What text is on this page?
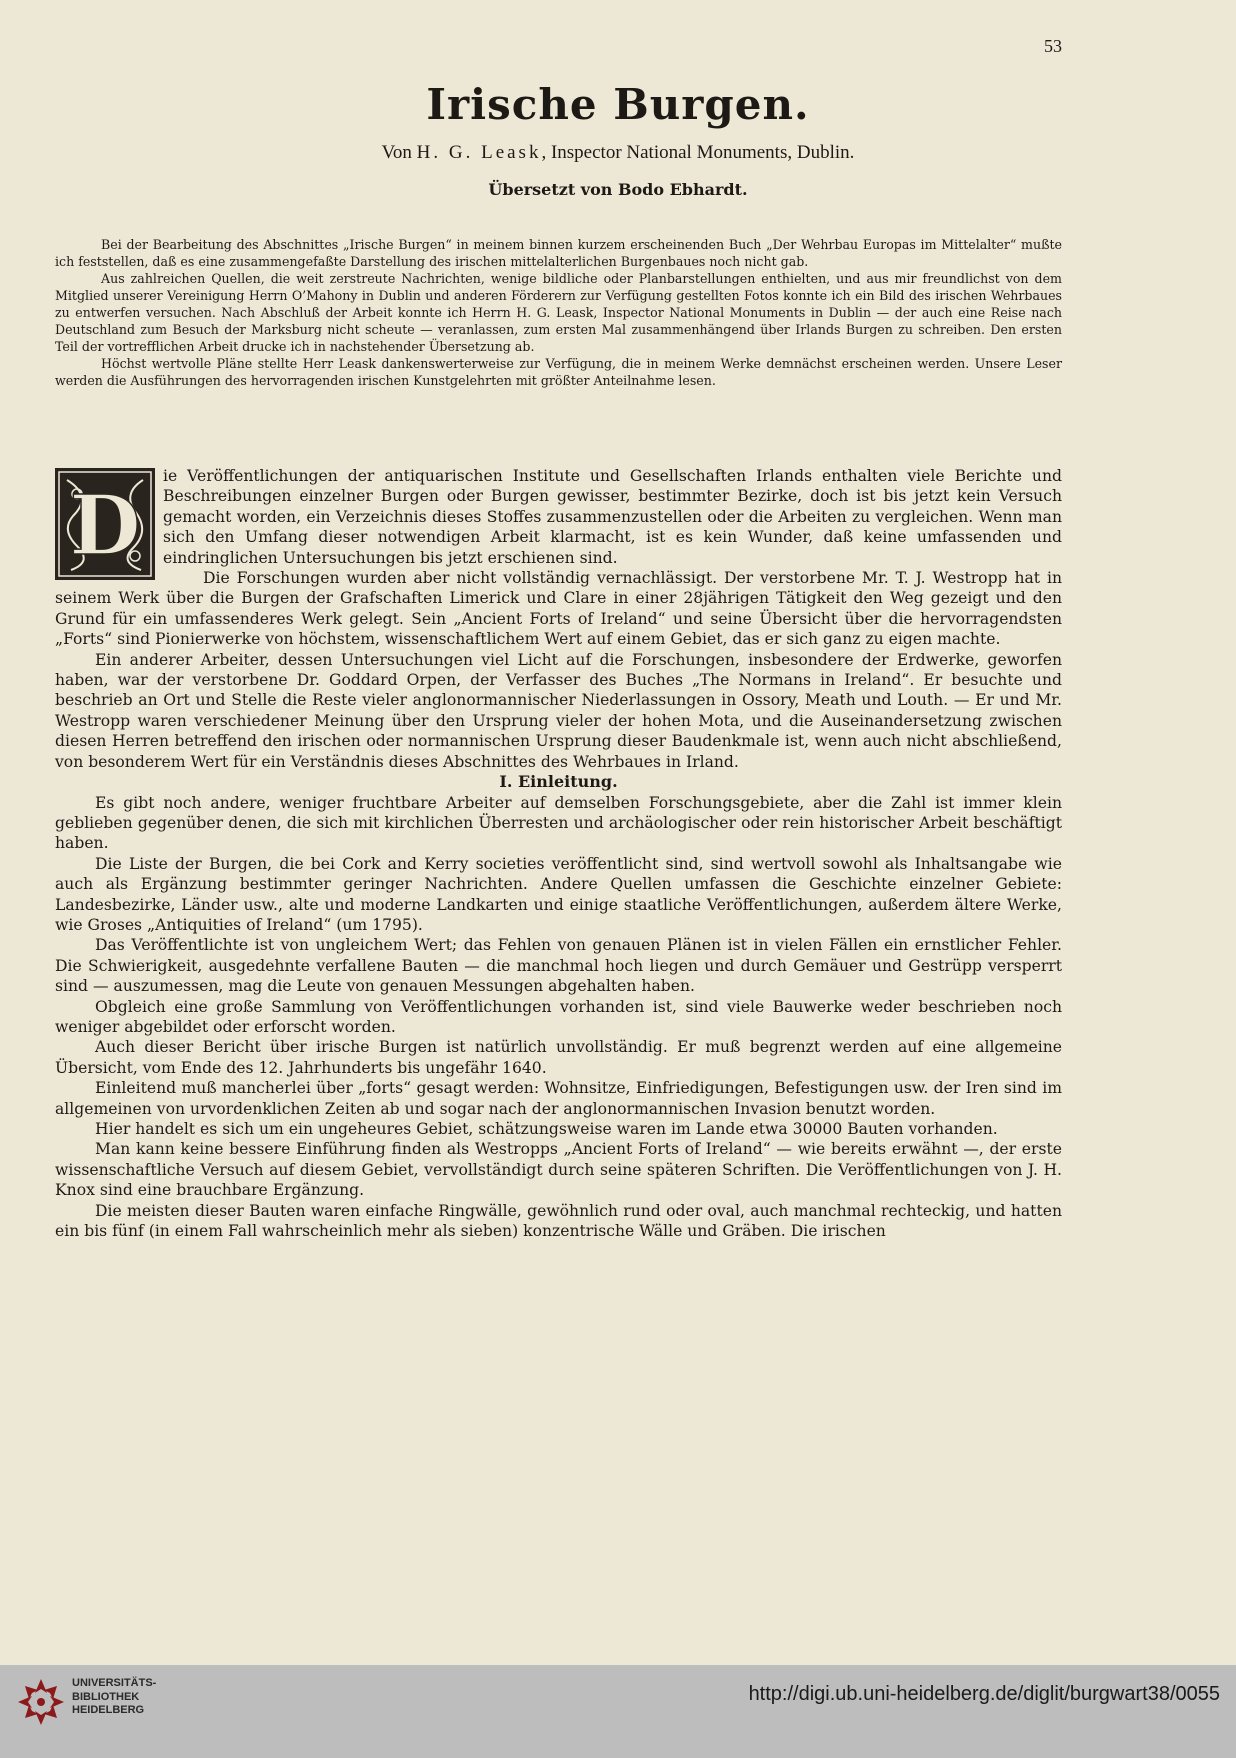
53
Irische Burgen.
Von H. G. Leask, Inspector National Monuments, Dublin.
Übersetzt von Bodo Ebhardt.

Bei der Bearbeitung des Abschnittes „Irische Burgen“ in meinem binnen kurzem erscheinenden Buch „Der Wehrbau Europas im Mittelalter“ mußte ich feststellen, daß es eine zusammengefaßte Darstellung des irischen mittelalterlichen Burgenbaues noch nicht gab.

Aus zahlreichen Quellen, die weit zerstreute Nachrichten, wenige bildliche oder Planbarstellungen enthielten, und aus mir freundlichst von dem Mitglied unserer Vereinigung Herrn O’Mahony in Dublin und anderen Förderern zur Verfügung gestellten Fotos konnte ich ein Bild des irischen Wehrbaues zu entwerfen versuchen. Nach Abschluß der Arbeit konnte ich Herrn H. G. Leask, Inspector National Monuments in Dublin — der auch eine Reise nach Deutschland zum Besuch der Marksburg nicht scheute — veranlassen, zum ersten Mal zusammenhängend über Irlands Burgen zu schreiben. Den ersten Teil der vortrefflichen Arbeit drucke ich in nachstehender Übersetzung ab.

Höchst wertvolle Pläne stellte Herr Leask dankenswerterweise zur Verfügung, die in meinem Werke demnächst erscheinen werden. Unsere Leser werden die Ausführungen des hervorragenden irischen Kunstgelehrten mit größter Anteilnahme lesen.

D

ie Veröffentlichungen der antiquarischen Institute und Gesellschaften Irlands enthalten viele Berichte und Beschreibungen einzelner Burgen oder Burgen gewisser, bestimmter Bezirke, doch ist bis jetzt kein Versuch gemacht worden, ein Verzeichnis dieses Stoffes zusammenzustellen oder die Arbeiten zu vergleichen. Wenn man sich den Umfang dieser notwendigen Arbeit klarmacht, ist es kein Wunder, daß keine umfassenden und eindringlichen Untersuchungen bis jetzt erschienen sind.

Die Forschungen wurden aber nicht vollständig vernachlässigt. Der verstorbene Mr. T. J. Westropp hat in seinem Werk über die Burgen der Grafschaften Limerick und Clare in einer 28jährigen Tätigkeit den Weg gezeigt und den Grund für ein umfassenderes Werk gelegt. Sein „Ancient Forts of Ireland“ und seine Übersicht über die hervorragendsten „Forts“ sind Pionierwerke von höchstem, wissenschaftlichem Wert auf einem Gebiet, das er sich ganz zu eigen machte.

Ein anderer Arbeiter, dessen Untersuchungen viel Licht auf die Forschungen, insbesondere der Erdwerke, geworfen haben, war der verstorbene Dr. Goddard Orpen, der Verfasser des Buches „The Normans in Ireland“. Er besuchte und beschrieb an Ort und Stelle die Reste vieler anglonormannischer Niederlassungen in Ossory, Meath und Louth. — Er und Mr. Westropp waren verschiedener Meinung über den Ursprung vieler der hohen Mota, und die Auseinandersetzung zwischen diesen Herren betreffend den irischen oder normannischen Ursprung dieser Baudenkmale ist, wenn auch nicht abschließend, von besonderem Wert für ein Verständnis dieses Abschnittes des Wehrbaues in Irland.

I. Einleitung.

Es gibt noch andere, weniger fruchtbare Arbeiter auf demselben Forschungsgebiete, aber die Zahl ist immer klein geblieben gegenüber denen, die sich mit kirchlichen Überresten und archäologischer oder rein historischer Arbeit beschäftigt haben.

Die Liste der Burgen, die bei Cork and Kerry societies veröffentlicht sind, sind wertvoll sowohl als Inhaltsangabe wie auch als Ergänzung bestimmter geringer Nachrichten. Andere Quellen umfassen die Geschichte einzelner Gebiete: Landesbezirke, Länder usw., alte und moderne Landkarten und einige staatliche Veröffentlichungen, außerdem ältere Werke, wie Groses „Antiquities of Ireland“ (um 1795).

Das Veröffentlichte ist von ungleichem Wert; das Fehlen von genauen Plänen ist in vielen Fällen ein ernstlicher Fehler. Die Schwierigkeit, ausgedehnte verfallene Bauten — die manchmal hoch liegen und durch Gemäuer und Gestrüpp versperrt sind — auszumessen, mag die Leute von genauen Messungen abgehalten haben.

Obgleich eine große Sammlung von Veröffentlichungen vorhanden ist, sind viele Bauwerke weder beschrieben noch weniger abgebildet oder erforscht worden.

Auch dieser Bericht über irische Burgen ist natürlich unvollständig. Er muß begrenzt werden auf eine allgemeine Übersicht, vom Ende des 12. Jahrhunderts bis ungefähr 1640.

Einleitend muß mancherlei über „forts“ gesagt werden: Wohnsitze, Einfriedigungen, Befestigungen usw. der Iren sind im allgemeinen von urvordenklichen Zeiten ab und sogar nach der anglonormannischen Invasion benutzt worden.

Hier handelt es sich um ein ungeheures Gebiet, schätzungsweise waren im Lande etwa 30000 Bauten vorhanden.

Man kann keine bessere Einführung finden als Westropps „Ancient Forts of Ireland“ — wie bereits erwähnt —, der erste wissenschaftliche Versuch auf diesem Gebiet, vervollständigt durch seine späteren Schriften. Die Veröffentlichungen von J. H. Knox sind eine brauchbare Ergänzung.

Die meisten dieser Bauten waren einfache Ringwälle, gewöhnlich rund oder oval, auch manchmal rechteckig, und hatten ein bis fünf (in einem Fall wahrscheinlich mehr als sieben) konzentrische Wälle und Gräben. Die irischen

UNIVERSITÄTS-
BIBLIOTHEK
HEIDELBERG
http://digi.ub.uni-heidelberg.de/diglit/burgwart38/0055
